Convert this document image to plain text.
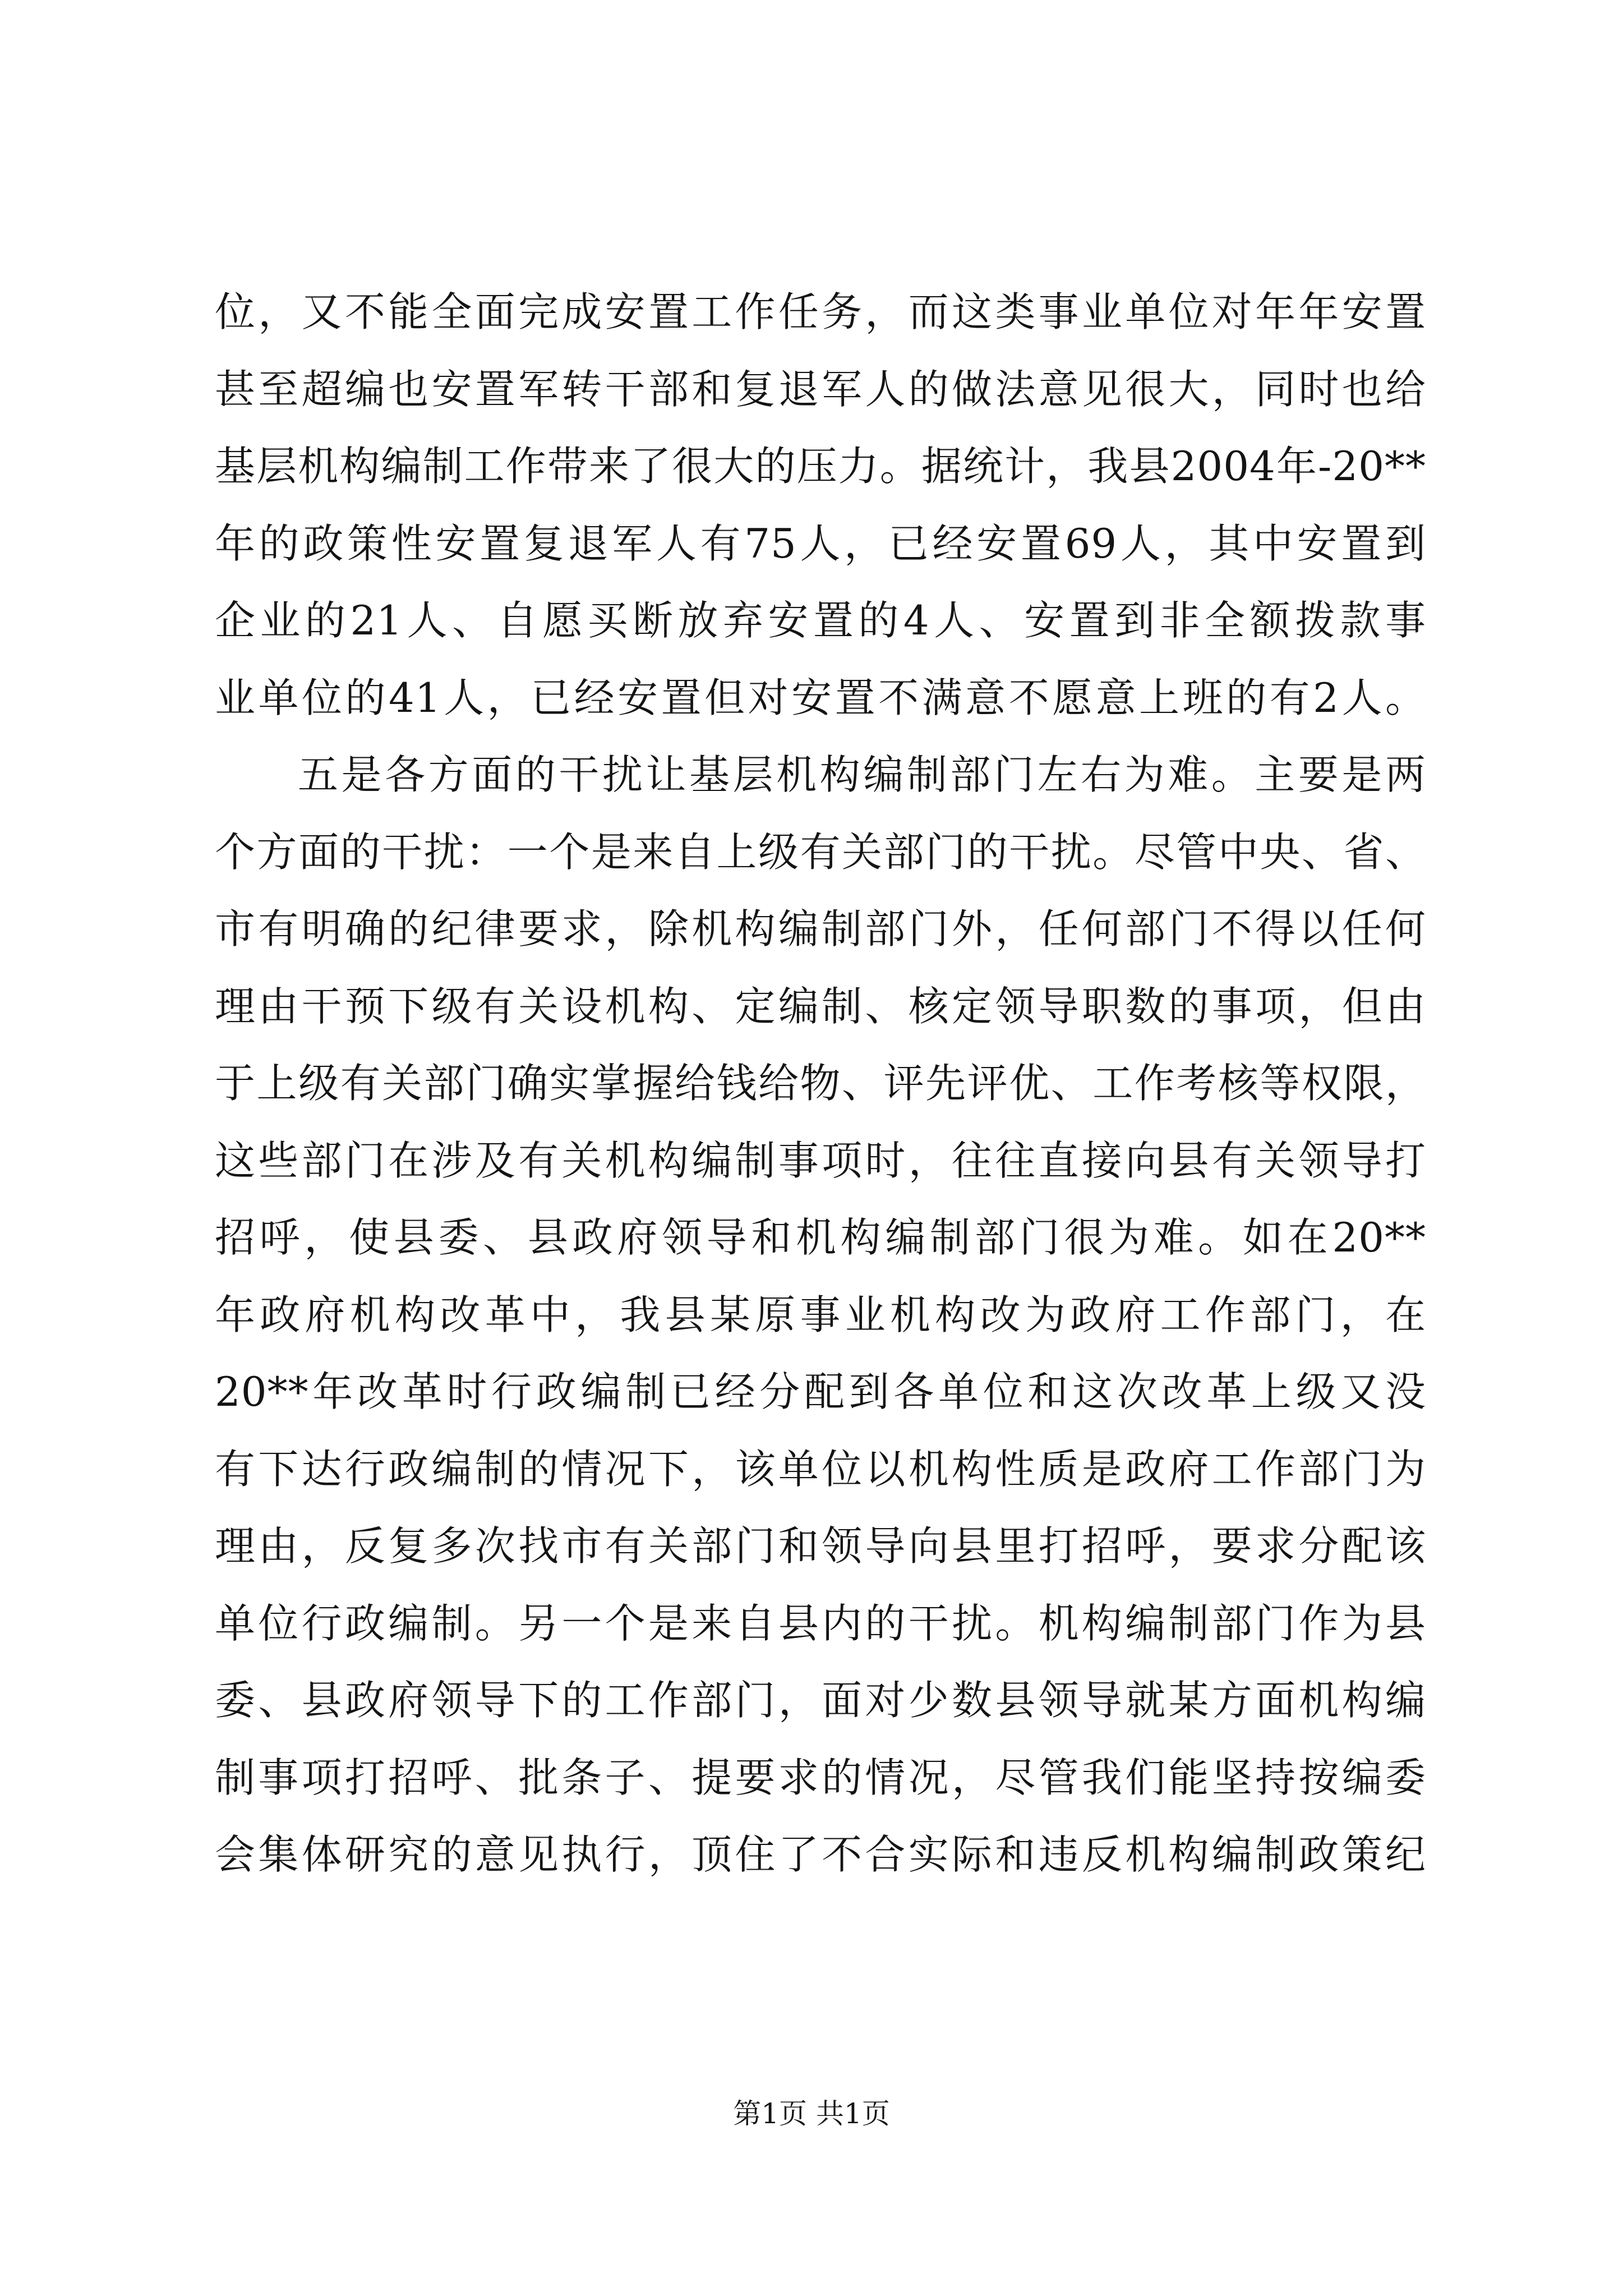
位，又不能全面完成安置工作任务，而这类事业单位对年年安置
甚至超编也安置军转干部和复退军人的做法意见很大，同时也给
基层机构编制工作带来了很大的压力。据统计，我县2004年-20**
年的政策性安置复退军人有75人，已经安置69人，其中安置到
企业的21人、自愿买断放弃安置的4人、安置到非全额拨款事
业单位的41人，已经安置但对安置不满意不愿意上班的有2人。
五是各方面的干扰让基层机构编制部门左右为难。主要是两
个方面的干扰：一个是来自上级有关部门的干扰。尽管中央、省、
市有明确的纪律要求，除机构编制部门外，任何部门不得以任何
理由干预下级有关设机构、定编制、核定领导职数的事项，但由
于上级有关部门确实掌握给钱给物、评先评优、工作考核等权限，
这些部门在涉及有关机构编制事项时，往往直接向县有关领导打
招呼，使县委、县政府领导和机构编制部门很为难。如在20**
年政府机构改革中，我县某原事业机构改为政府工作部门，在
20**年改革时行政编制已经分配到各单位和这次改革上级又没
有下达行政编制的情况下，该单位以机构性质是政府工作部门为
理由，反复多次找市有关部门和领导向县里打招呼，要求分配该
单位行政编制。另一个是来自县内的干扰。机构编制部门作为县
委、县政府领导下的工作部门，面对少数县领导就某方面机构编
制事项打招呼、批条子、提要求的情况，尽管我们能坚持按编委
会集体研究的意见执行，顶住了不合实际和违反机构编制政策纪
第1页 共1页
